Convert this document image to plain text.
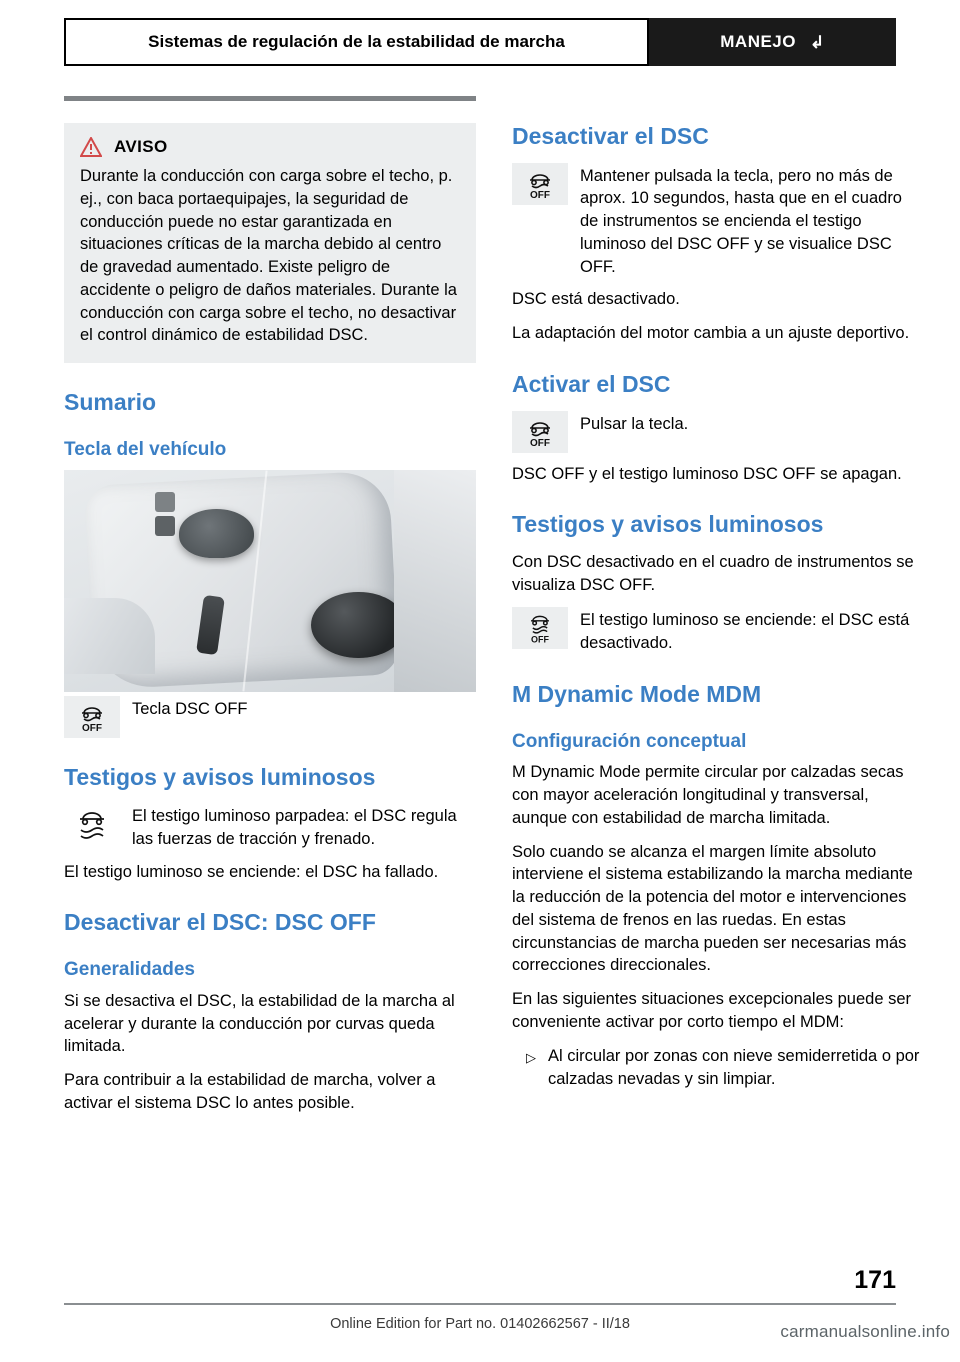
Sistemas de regulación de la estabilidad de marcha	MANEJO ↲
AVISO

Durante la conducción con carga sobre el techo, p. ej., con baca portaequipajes, la seguridad de conducción puede no estar garantizada en situaciones críticas de la marcha debido al centro de gravedad aumentado. Existe peligro de accidente o peligro de daños materiales. Durante la conducción con carga sobre el techo, no desactivar el control dinámico de estabilidad DSC.

Sumario
Tecla del vehículo
OFF
Tecla DSC OFF
Testigos y avisos luminosos
El testigo luminoso parpadea: el DSC regula las fuerzas de tracción y frenado.

El testigo luminoso se enciende: el DSC ha fallado.

Desactivar el DSC: DSC OFF
Generalidades

Si se desactiva el DSC, la estabilidad de la marcha al acelerar y durante la conducción por curvas queda limitada.

Para contribuir a la estabilidad de marcha, volver a activar el sistema DSC lo antes posible.

Desactivar el DSC
OFF
Mantener pulsada la tecla, pero no más de aprox. 10 segundos, hasta que en el cuadro de instrumentos se encienda el testigo luminoso del DSC OFF y se visualice DSC OFF.

DSC está desactivado.

La adaptación del motor cambia a un ajuste deportivo.

Activar el DSC
OFF
Pulsar la tecla.

DSC OFF y el testigo luminoso DSC OFF se apagan.

Testigos y avisos luminosos

Con DSC desactivado en el cuadro de instrumentos se visualiza DSC OFF.

OFF
El testigo luminoso se enciende: el DSC está desactivado.
M Dynamic Mode MDM
Configuración conceptual

M Dynamic Mode permite circular por calzadas secas con mayor aceleración longitudinal y transversal, aunque con estabilidad de marcha limitada.

Solo cuando se alcanza el margen límite absoluto interviene el sistema estabilizando la marcha mediante la reducción de la potencia del motor e intervenciones del sistema de frenos en las ruedas. En estas circunstancias de marcha pueden ser necesarias más correcciones direccionales.

En las siguientes situaciones excepcionales puede ser conveniente activar por corto tiempo el MDM:

▷ Al circular por zonas con nieve semiderretida o por calzadas nevadas y sin limpiar.
171
Online Edition for Part no. 01402662567 - II/18	carmanualsonline.info
